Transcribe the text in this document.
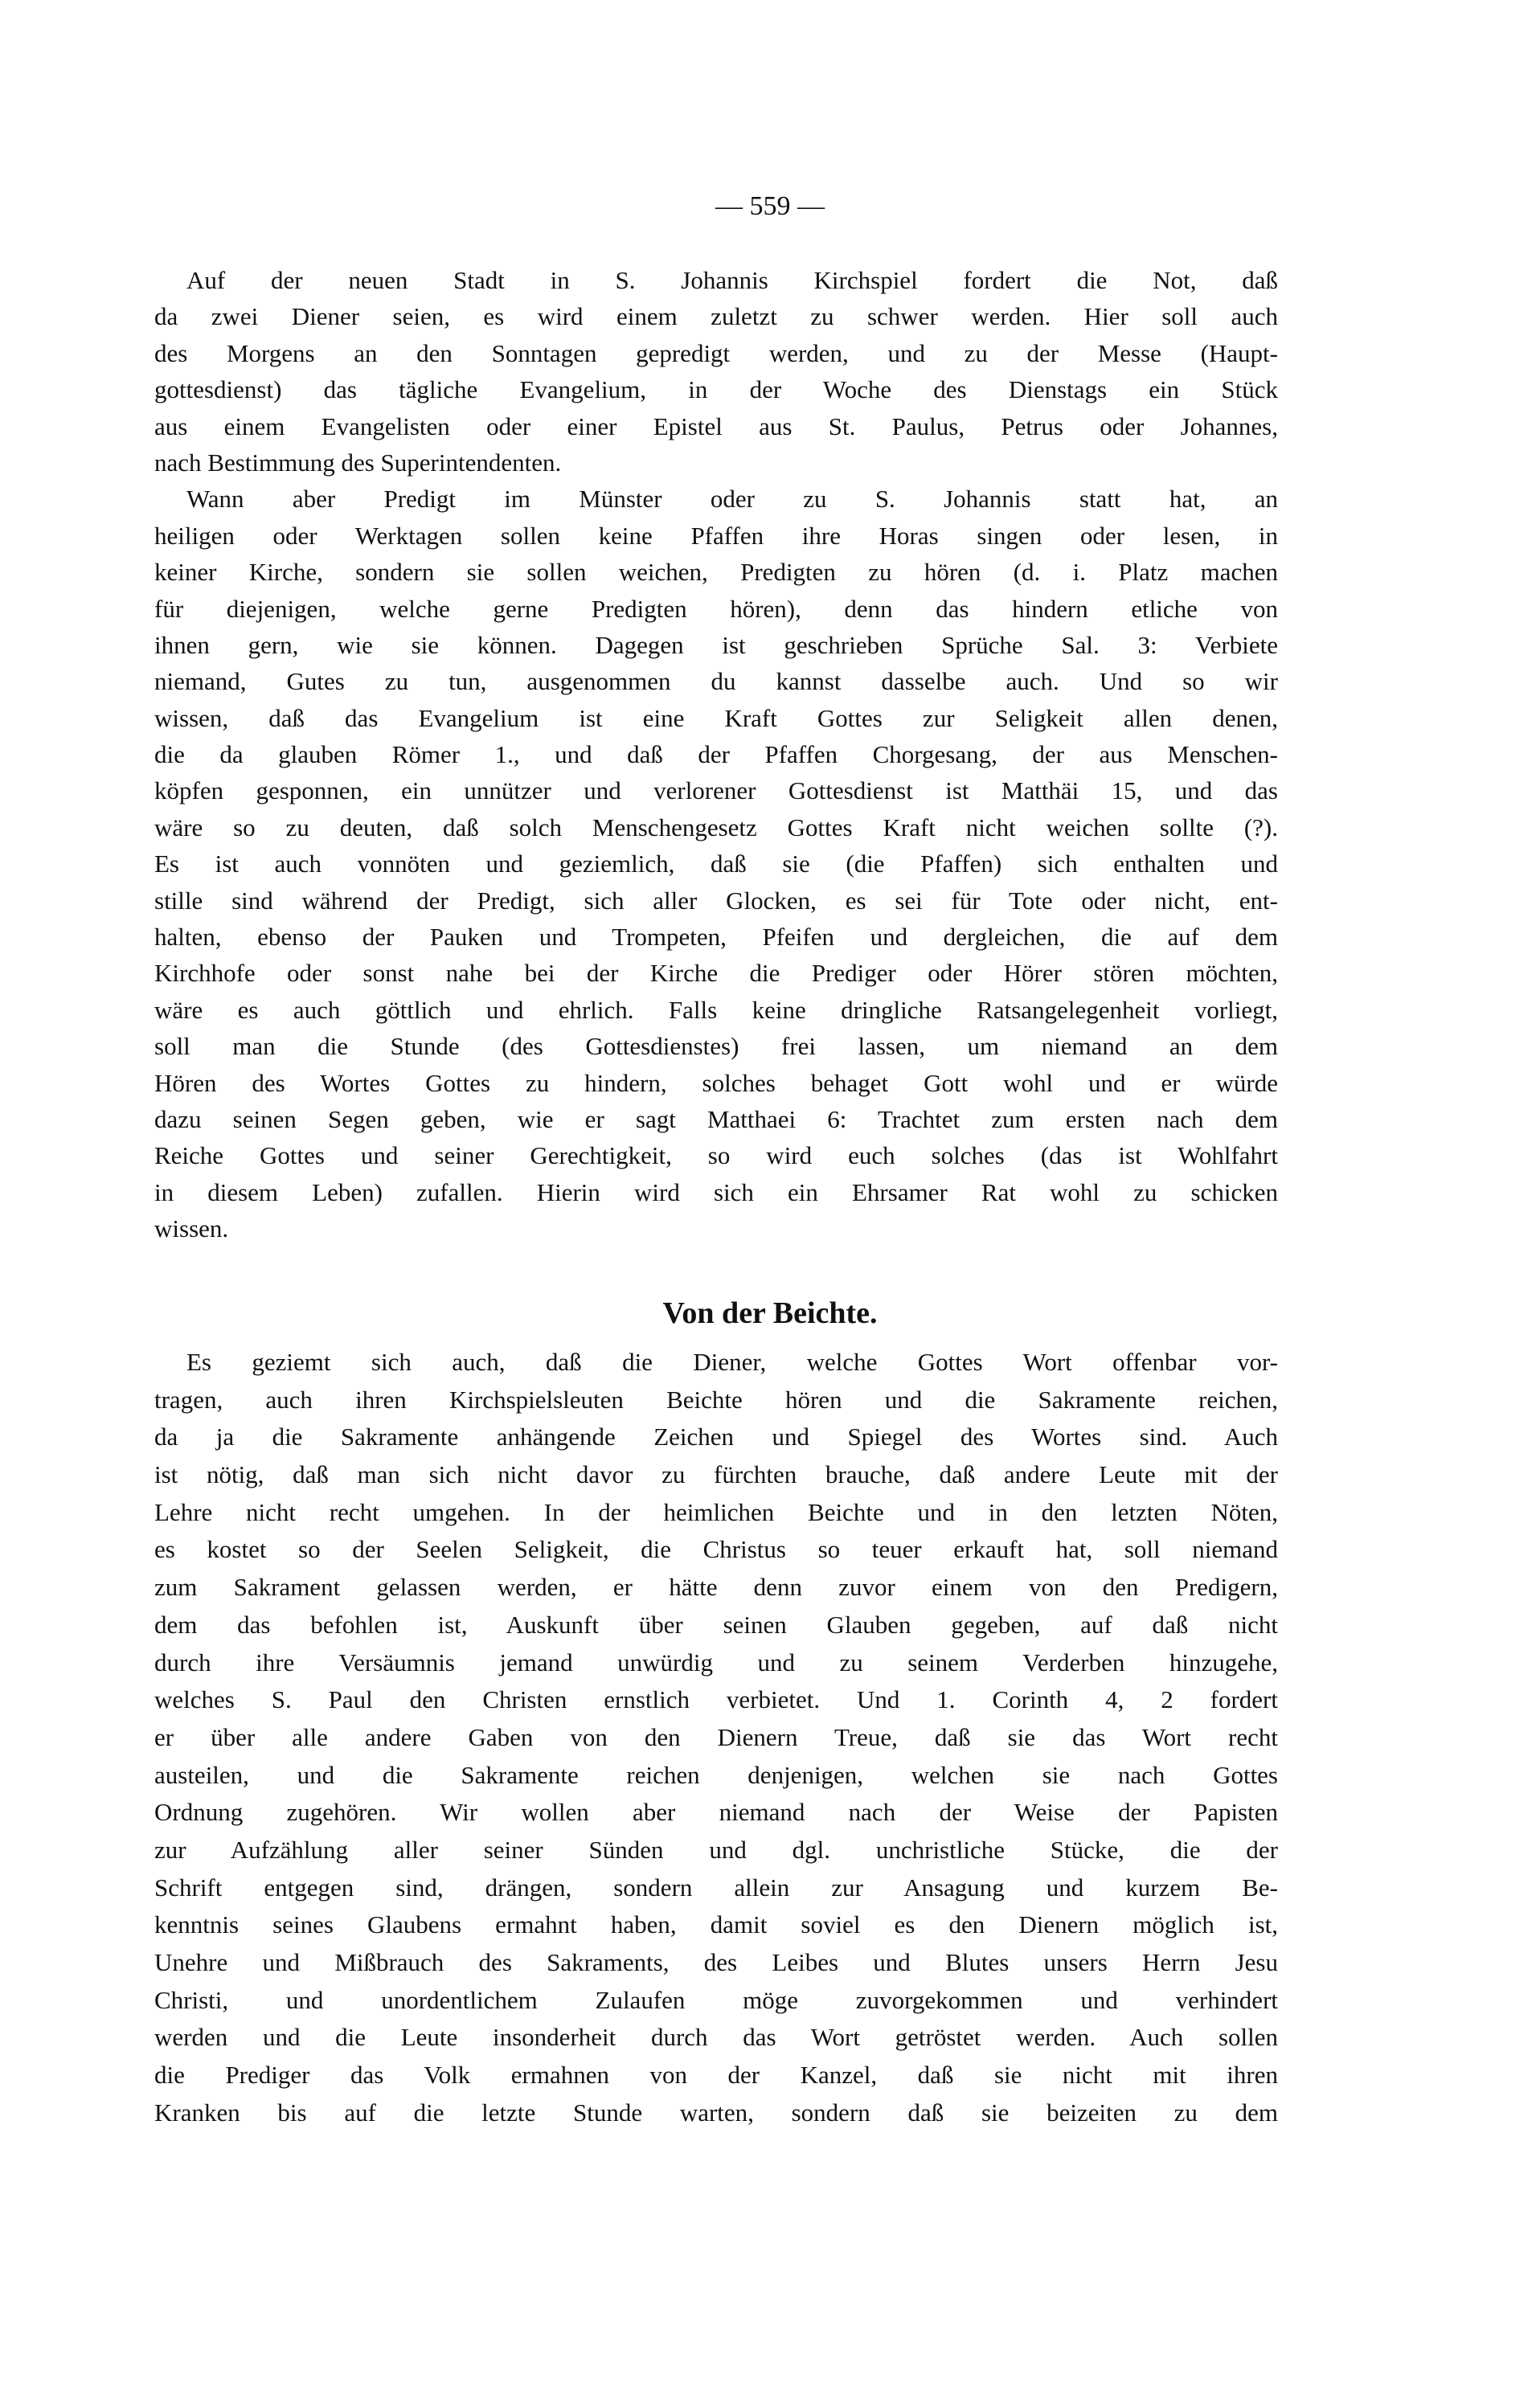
— 559 —
Auf der neuen Stadt in S. Johannis Kirchspiel fordert die Not, daß
da zwei Diener seien, es wird einem zuletzt zu schwer werden. Hier soll auch
des Morgens an den Sonntagen gepredigt werden, und zu der Messe (Haupt-
gottesdienst) das tägliche Evangelium, in der Woche des Dienstags ein Stück
aus einem Evangelisten oder einer Epistel aus St. Paulus, Petrus oder Johannes,
nach Bestimmung des Superintendenten.
Wann aber Predigt im Münster oder zu S. Johannis statt hat, an
heiligen oder Werktagen sollen keine Pfaffen ihre Horas singen oder lesen, in
keiner Kirche, sondern sie sollen weichen, Predigten zu hören (d. i. Platz machen
für diejenigen, welche gerne Predigten hören), denn das hindern etliche von
ihnen gern, wie sie können. Dagegen ist geschrieben Sprüche Sal. 3: Verbiete
niemand, Gutes zu tun, ausgenommen du kannst dasselbe auch. Und so wir
wissen, daß das Evangelium ist eine Kraft Gottes zur Seligkeit allen denen,
die da glauben Römer 1., und daß der Pfaffen Chorgesang, der aus Menschen-
köpfen gesponnen, ein unnützer und verlorener Gottesdienst ist Matthäi 15, und das
wäre so zu deuten, daß solch Menschengesetz Gottes Kraft nicht weichen sollte (?).
Es ist auch vonnöten und geziemlich, daß sie (die Pfaffen) sich enthalten und
stille sind während der Predigt, sich aller Glocken, es sei für Tote oder nicht, ent-
halten, ebenso der Pauken und Trompeten, Pfeifen und dergleichen, die auf dem
Kirchhofe oder sonst nahe bei der Kirche die Prediger oder Hörer stören möchten,
wäre es auch göttlich und ehrlich. Falls keine dringliche Ratsangelegenheit vorliegt,
soll man die Stunde (des Gottesdienstes) frei lassen, um niemand an dem
Hören des Wortes Gottes zu hindern, solches behaget Gott wohl und er würde
dazu seinen Segen geben, wie er sagt Matthaei 6: Trachtet zum ersten nach dem
Reiche Gottes und seiner Gerechtigkeit, so wird euch solches (das ist Wohlfahrt
in diesem Leben) zufallen. Hierin wird sich ein Ehrsamer Rat wohl zu schicken
wissen.
Von der Beichte.
Es geziemt sich auch, daß die Diener, welche Gottes Wort offenbar vor-
tragen, auch ihren Kirchspielsleuten Beichte hören und die Sakramente reichen,
da ja die Sakramente anhängende Zeichen und Spiegel des Wortes sind. Auch
ist nötig, daß man sich nicht davor zu fürchten brauche, daß andere Leute mit der
Lehre nicht recht umgehen. In der heimlichen Beichte und in den letzten Nöten,
es kostet so der Seelen Seligkeit, die Christus so teuer erkauft hat, soll niemand
zum Sakrament gelassen werden, er hätte denn zuvor einem von den Predigern,
dem das befohlen ist, Auskunft über seinen Glauben gegeben, auf daß nicht
durch ihre Versäumnis jemand unwürdig und zu seinem Verderben hinzugehe,
welches S. Paul den Christen ernstlich verbietet. Und 1. Corinth 4, 2 fordert
er über alle andere Gaben von den Dienern Treue, daß sie das Wort recht
austeilen, und die Sakramente reichen denjenigen, welchen sie nach Gottes
Ordnung zugehören. Wir wollen aber niemand nach der Weise der Papisten
zur Aufzählung aller seiner Sünden und dgl. unchristliche Stücke, die der
Schrift entgegen sind, drängen, sondern allein zur Ansagung und kurzem Be-
kenntnis seines Glaubens ermahnt haben, damit soviel es den Dienern möglich ist,
Unehre und Mißbrauch des Sakraments, des Leibes und Blutes unsers Herrn Jesu
Christi, und unordentlichem Zulaufen möge zuvorgekommen und verhindert
werden und die Leute insonderheit durch das Wort getröstet werden. Auch sollen
die Prediger das Volk ermahnen von der Kanzel, daß sie nicht mit ihren
Kranken bis auf die letzte Stunde warten, sondern daß sie beizeiten zu dem
